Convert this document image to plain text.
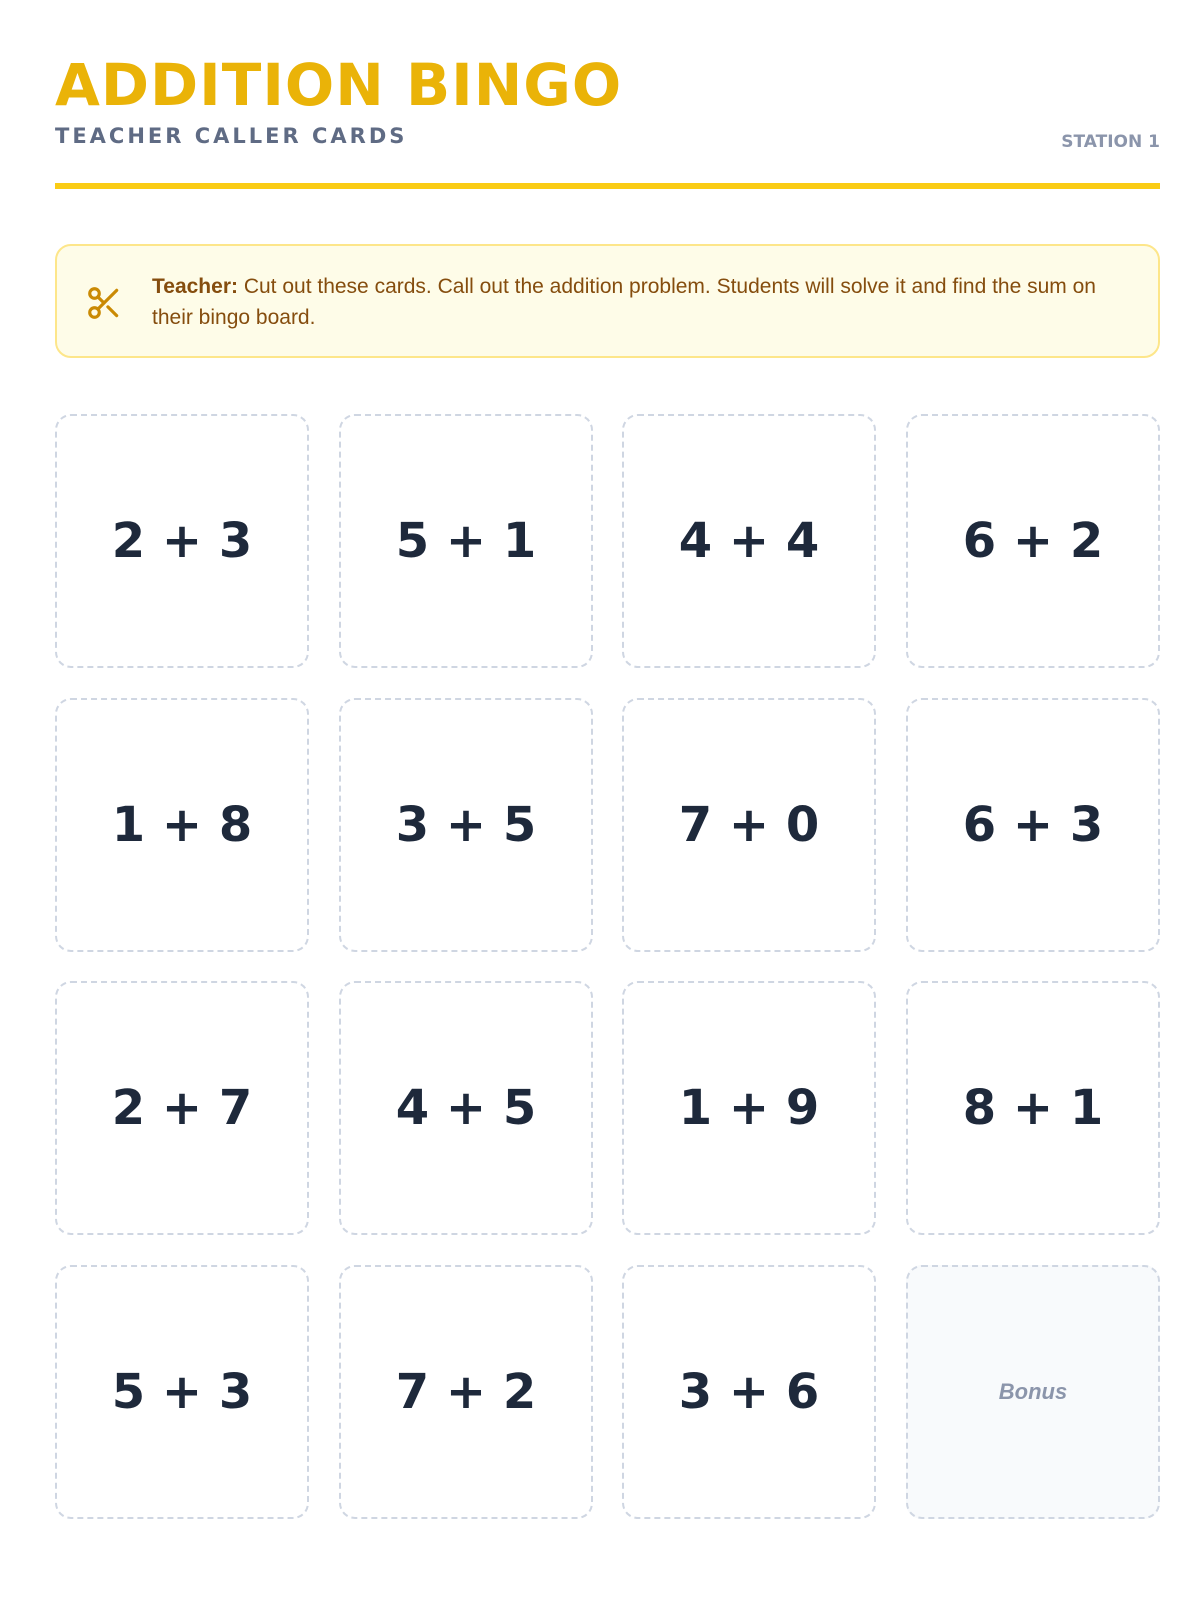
ADDITION BINGO

TEACHER CALLER CARDS	STATION 1

Teacher: Cut out these cards. Call out the addition problem. Students will solve it and find the sum on their bingo board.

2 + 3	5 + 1	4 + 4	6 + 2
1 + 8	3 + 5	7 + 0	6 + 3
2 + 7	4 + 5	1 + 9	8 + 1
5 + 3	7 + 2	3 + 6	Bonus
